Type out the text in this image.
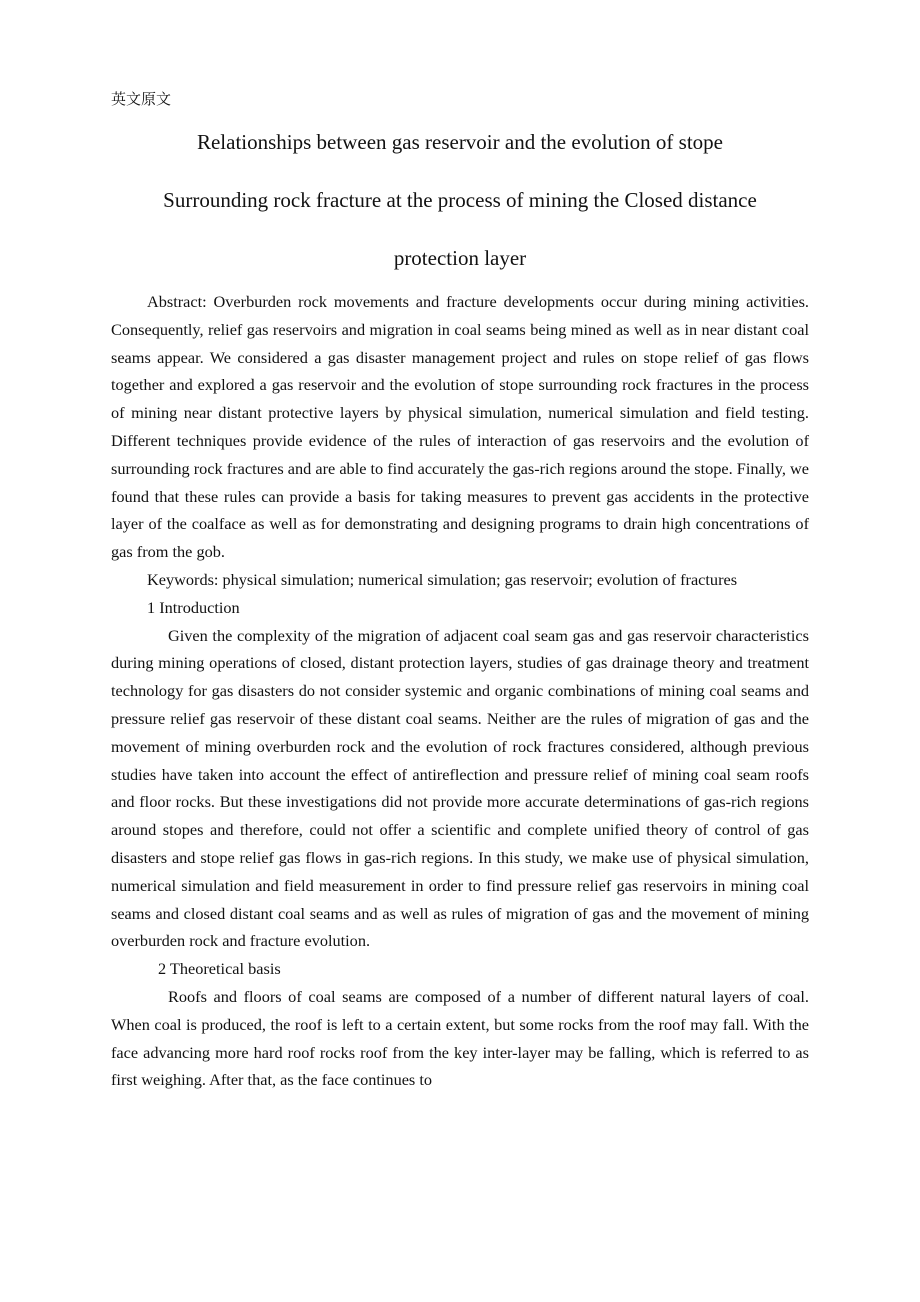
英文原文
Relationships between gas reservoir and the evolution of stope
Surrounding rock fracture at the process of mining the Closed distance
protection layer

Abstract: Overburden rock movements and fracture developments occur during mining activities. Consequently, relief gas reservoirs and migration in coal seams being mined as well as in near distant coal seams appear. We considered a gas disaster management project and rules on stope relief of gas flows together and explored a gas reservoir and the evolution of stope surrounding rock fractures in the process of mining near distant protective layers by physical simulation, numerical simulation and field testing. Different techniques provide evidence of the rules of interaction of gas reservoirs and the evolution of surrounding rock fractures and are able to find accurately the gas-rich regions around the stope. Finally, we found that these rules can provide a basis for taking measures to prevent gas accidents in the protective layer of the coalface as well as for demonstrating and designing programs to drain high concentrations of gas from the gob.

Keywords: physical simulation; numerical simulation; gas reservoir; evolution of fractures

1 Introduction

Given the complexity of the migration of adjacent coal seam gas and gas reservoir characteristics during mining operations of closed, distant protection layers, studies of gas drainage theory and treatment technology for gas disasters do not consider systemic and organic combinations of mining coal seams and pressure relief gas reservoir of these distant coal seams. Neither are the rules of migration of gas and the movement of mining overburden rock and the evolution of rock fractures considered, although previous studies have taken into account the effect of antireflection and pressure relief of mining coal seam roofs and floor rocks. But these investigations did not provide more accurate determinations of gas-rich regions around stopes and therefore, could not offer a scientific and complete unified theory of control of gas disasters and stope relief gas flows in gas-rich regions. In this study, we make use of physical simulation, numerical simulation and field measurement in order to find pressure relief gas reservoirs in mining coal seams and closed distant coal seams and as well as rules of migration of gas and the movement of mining overburden rock and fracture evolution.

2 Theoretical basis

Roofs and floors of coal seams are composed of a number of different natural layers of coal. When coal is produced, the roof is left to a certain extent, but some rocks from the roof may fall. With the face advancing more hard roof rocks roof from the key inter-layer may be falling, which is referred to as first weighing. After that, as the face continues to
